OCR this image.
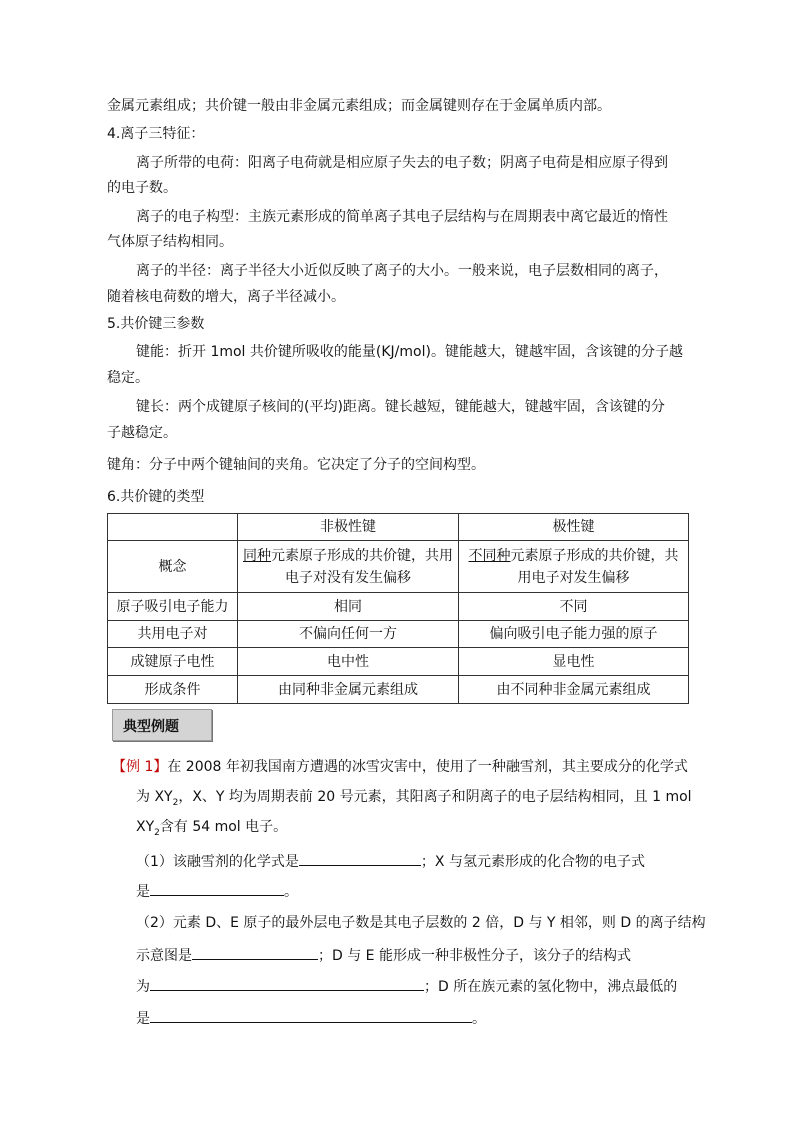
金属元素组成；共价键一般由非金属元素组成；而金属键则存在于金属单质内部。
4.离子三特征：
离子所带的电荷：阳离子电荷就是相应原子失去的电子数；阴离子电荷是相应原子得到
的电子数。
离子的电子构型：主族元素形成的简单离子其电子层结构与在周期表中离它最近的惰性
气体原子结构相同。
离子的半径：离子半径大小近似反映了离子的大小。一般来说，电子层数相同的离子，
随着核电荷数的增大，离子半径减小。
5.共价键三参数
键能：折开 1mol 共价键所吸收的能量(KJ/mol)。键能越大，键越牢固，含该键的分子越
稳定。
键长：两个成键原子核间的(平均)距离。键长越短，键能越大，键越牢固，含该键的分
子越稳定。
键角：分子中两个键轴间的夹角。它决定了分子的空间构型。
6.共价键的类型
	非极性键	极性键
概念	同种元素原子形成的共价键，共用
电子对没有发生偏移	不同种元素原子形成的共价键，共
用电子对发生偏移
原子吸引电子能力	相同	不同
共用电子对	不偏向任何一方	偏向吸引电子能力强的原子
成键原子电性	电中性	显电性
形成条件	由同种非金属元素组成	由不同种非金属元素组成
典型例题
【例 1】在 2008 年初我国南方遭遇的冰雪灾害中，使用了一种融雪剂，其主要成分的化学式
为 $XY_2$，X、Y 均为周期表前 20 号元素，其阳离子和阴离子的电子层结构相同，且 1 mol
$XY_2$含有 54 mol 电子。
（1）该融雪剂的化学式是	；X 与氢元素形成的化合物的电子式
是	。
（2）元素 D、E 原子的最外层电子数是其电子层数的 2 倍，D 与 Y 相邻，则 D 的离子结构
示意图是	；D 与 E 能形成一种非极性分子，该分子的结构式
为	；D 所在族元素的氢化物中，沸点最低的
是	。
